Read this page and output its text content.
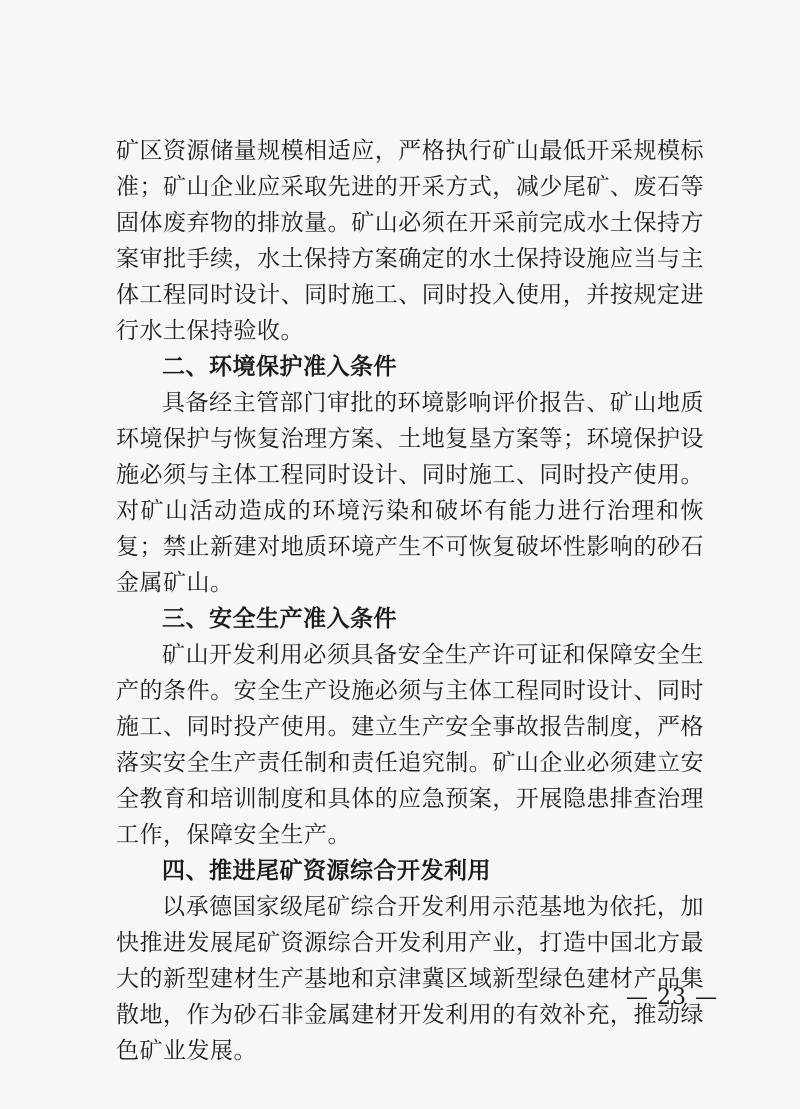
矿区资源储量规模相适应，严格执行矿山最低开采规模标准；矿山企业应采取先进的开采方式，减少尾矿、废石等固体废弃物的排放量。矿山必须在开采前完成水土保持方案审批手续，水土保持方案确定的水土保持设施应当与主体工程同时设计、同时施工、同时投入使用，并按规定进行水土保持验收。

二、环境保护准入条件

具备经主管部门审批的环境影响评价报告、矿山地质环境保护与恢复治理方案、土地复垦方案等；环境保护设施必须与主体工程同时设计、同时施工、同时投产使用。对矿山活动造成的环境污染和破坏有能力进行治理和恢复；禁止新建对地质环境产生不可恢复破坏性影响的砂石金属矿山。

三、安全生产准入条件

矿山开发利用必须具备安全生产许可证和保障安全生产的条件。安全生产设施必须与主体工程同时设计、同时施工、同时投产使用。建立生产安全事故报告制度，严格落实安全生产责任制和责任追究制。矿山企业必须建立安全教育和培训制度和具体的应急预案，开展隐患排查治理工作，保障安全生产。

四、推进尾矿资源综合开发利用

以承德国家级尾矿综合开发利用示范基地为依托，加快推进发展尾矿资源综合开发利用产业，打造中国北方最大的新型建材生产基地和京津冀区域新型绿色建材产品集散地，作为砂石非金属建材开发利用的有效补充，推动绿色矿业发展。

— 23 —
